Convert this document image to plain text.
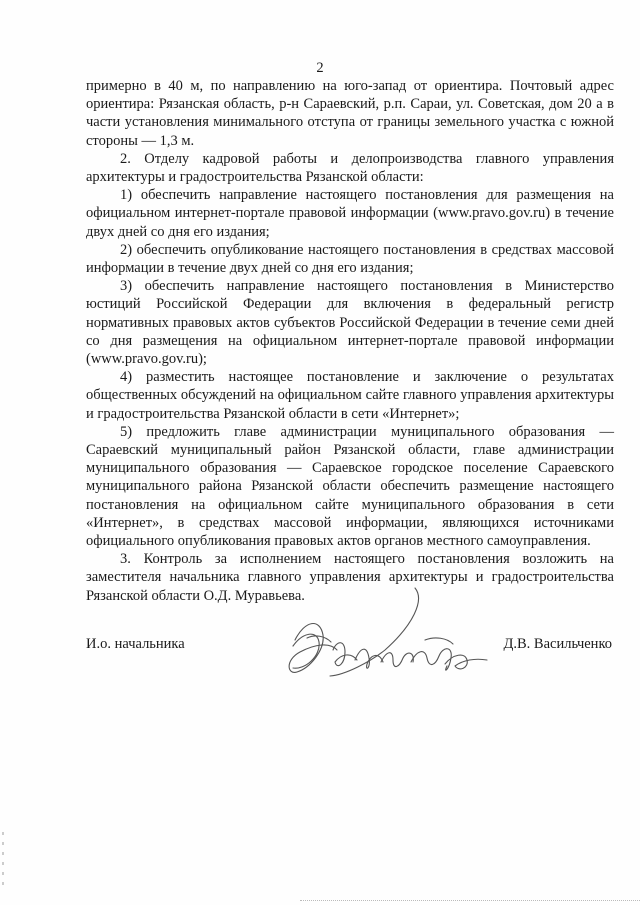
2

примерно в 40 м, по направлению на юго-запад от ориентира. Почтовый адрес ориентира: Рязанская область, р-н Сараевский, р.п. Сараи, ул. Советская, дом 20 а в части установления минимального отступа от границы земельного участка с южной стороны — 1,3 м.

2. Отделу кадровой работы и делопроизводства главного управления архитектуры и градостроительства Рязанской области:

1) обеспечить направление настоящего постановления для размещения на официальном интернет-портале правовой информации (www.pravo.gov.ru) в течение двух дней со дня его издания;

2) обеспечить опубликование настоящего постановления в средствах массовой информации в течение двух дней со дня его издания;

3) обеспечить направление настоящего постановления в Министерство юстиций Российской Федерации для включения в федеральный регистр нормативных правовых актов субъектов Российской Федерации в течение семи дней со дня размещения на официальном интернет-портале правовой информации (www.pravo.gov.ru);

4) разместить настоящее постановление и заключение о результатах общественных обсуждений на официальном сайте главного управления архитектуры и градостроительства Рязанской области в сети «Интернет»;

5) предложить главе администрации муниципального образования — Сараевский муниципальный район Рязанской области, главе администрации муниципального образования — Сараевское городское поселение Сараевского муниципального района Рязанской области обеспечить размещение настоящего постановления на официальном сайте муниципального образования в сети «Интернет», в средствах массовой информации, являющихся источниками официального опубликования правовых актов органов местного самоуправления.

3. Контроль за исполнением настоящего постановления возложить на заместителя начальника главного управления архитектуры и градостроительства Рязанской области О.Д. Муравьева.

И.о. начальника	Д.В. Васильченко
